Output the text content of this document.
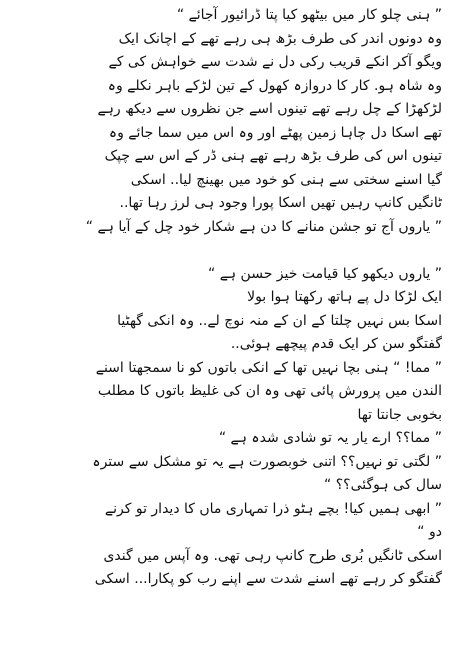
” ہنی چلو کار میں بیٹھو کیا پتا ڈرائیور آجائے “
وہ دونوں اندر کی طرف بڑھ ہی رہے تھے کے اچانک ایک
ویگو آکر انکے قریب رکی دل نے شدت سے خواہش کی کے
وہ شاہ ہو. کار کا دروازہ کھول کے تین لڑکے باہر نکلے وہ
لڑکھڑا کے چل رہے تھے تینوں اسے جن نظروں سے دیکھ رہے
تھے اسکا دل چاہا زمین پھٹے اور وہ اس میں سما جائے وہ
تینوں اس کی طرف بڑھ رہے تھے ہنی ڈر کے اس سے چپک
گیا اسنے سختی سے ہنی کو خود میں بھینچ لیا.. اسکی
ٹانگیں کانپ رہیں تھیں اسکا پورا وجود ہی لرز رہا تھا..
” یاروں آج تو جشن منانے کا دن ہے شکار خود چل کے آیا ہے “
” یاروں دیکھو کیا قیامت خیز حسن ہے “
ایک لڑکا دل پے ہاتھ رکھتا ہوا بولا
اسکا بس نہیں چلتا کے ان کے منہ نوچ لے.. وہ انکی گھٹیا
گفتگو سن کر ایک قدم پیچھے ہوئی..
” مما! “ ہنی بچا نہیں تھا کے انکی باتوں کو نا سمجھتا اسنے
الندن میں پرورش پائی تھی وہ ان کی غلیظ باتوں کا مطلب
بخوبی جانتا تھا
” مما؟؟ ارے یار یہ تو شادی شدہ ہے “
” لگتی تو نہیں؟؟ اتنی خوبصورت ہے یہ تو مشکل سے سترہ
سال کی ہوگئی؟؟ “
” ابھی ہمیں کیا! بچے ہٹو ذرا تمہاری ماں کا دیدار تو کرنے
دو “
اسکی ٹانگیں بُری طرح کانپ رہی تھی. وہ آپس میں گندی
گفتگو کر رہے تھے اسنے شدت سے اپنے رب کو پکارا... اسکی
